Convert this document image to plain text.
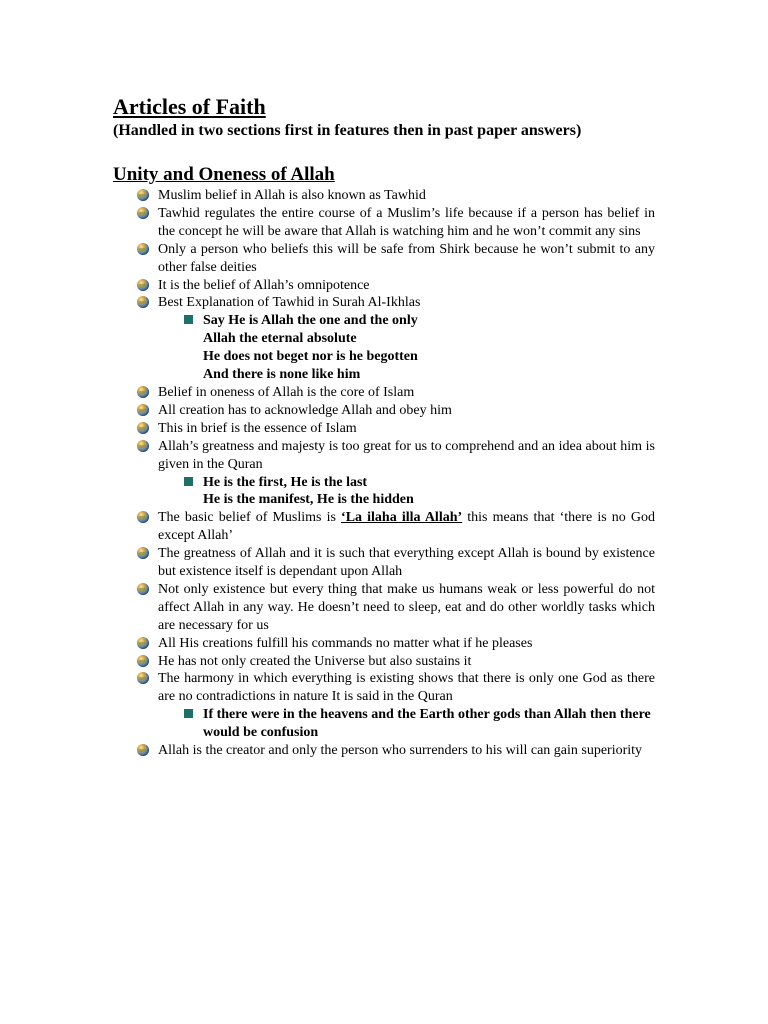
Articles of Faith

(Handled in two sections first in features then in past paper answers)

Unity and Oneness of Allah
Muslim belief in Allah is also known as Tawhid
Tawhid regulates the entire course of a Muslim’s life because if a person has belief in the concept he will be aware that Allah is watching him and he won’t commit any sins
Only a person who beliefs this will be safe from Shirk because he won’t submit to any other false deities
It is the belief of Allah’s omnipotence
Best Explanation of Tawhid in Surah Al-Ikhlas
Say He is Allah the one and the only
Allah the eternal absolute
He does not beget nor is he begotten
And there is none like him
Belief in oneness of Allah is the core of Islam
All creation has to acknowledge Allah and obey him
This in brief is the essence of Islam
Allah’s greatness and majesty is too great for us to comprehend and an idea about him is given in the Quran
He is the first, He is the last
He is the manifest, He is the hidden
The basic belief of Muslims is ‘La ilaha illa Allah’ this means that ‘there is no God except Allah’
The greatness of Allah and it is such that everything except Allah is bound by existence but existence itself is dependant upon Allah
Not only existence but every thing that make us humans weak or less powerful do not affect Allah in any way. He doesn’t need to sleep, eat and do other worldly tasks which are necessary for us
All His creations fulfill his commands no matter what if he pleases
He has not only created the Universe but also sustains it
The harmony in which everything is existing shows that there is only one God as there are no contradictions in nature It is said in the Quran
If there were in the heavens and the Earth other gods than Allah then there would be confusion
Allah is the creator and only the person who surrenders to his will can gain superiority
